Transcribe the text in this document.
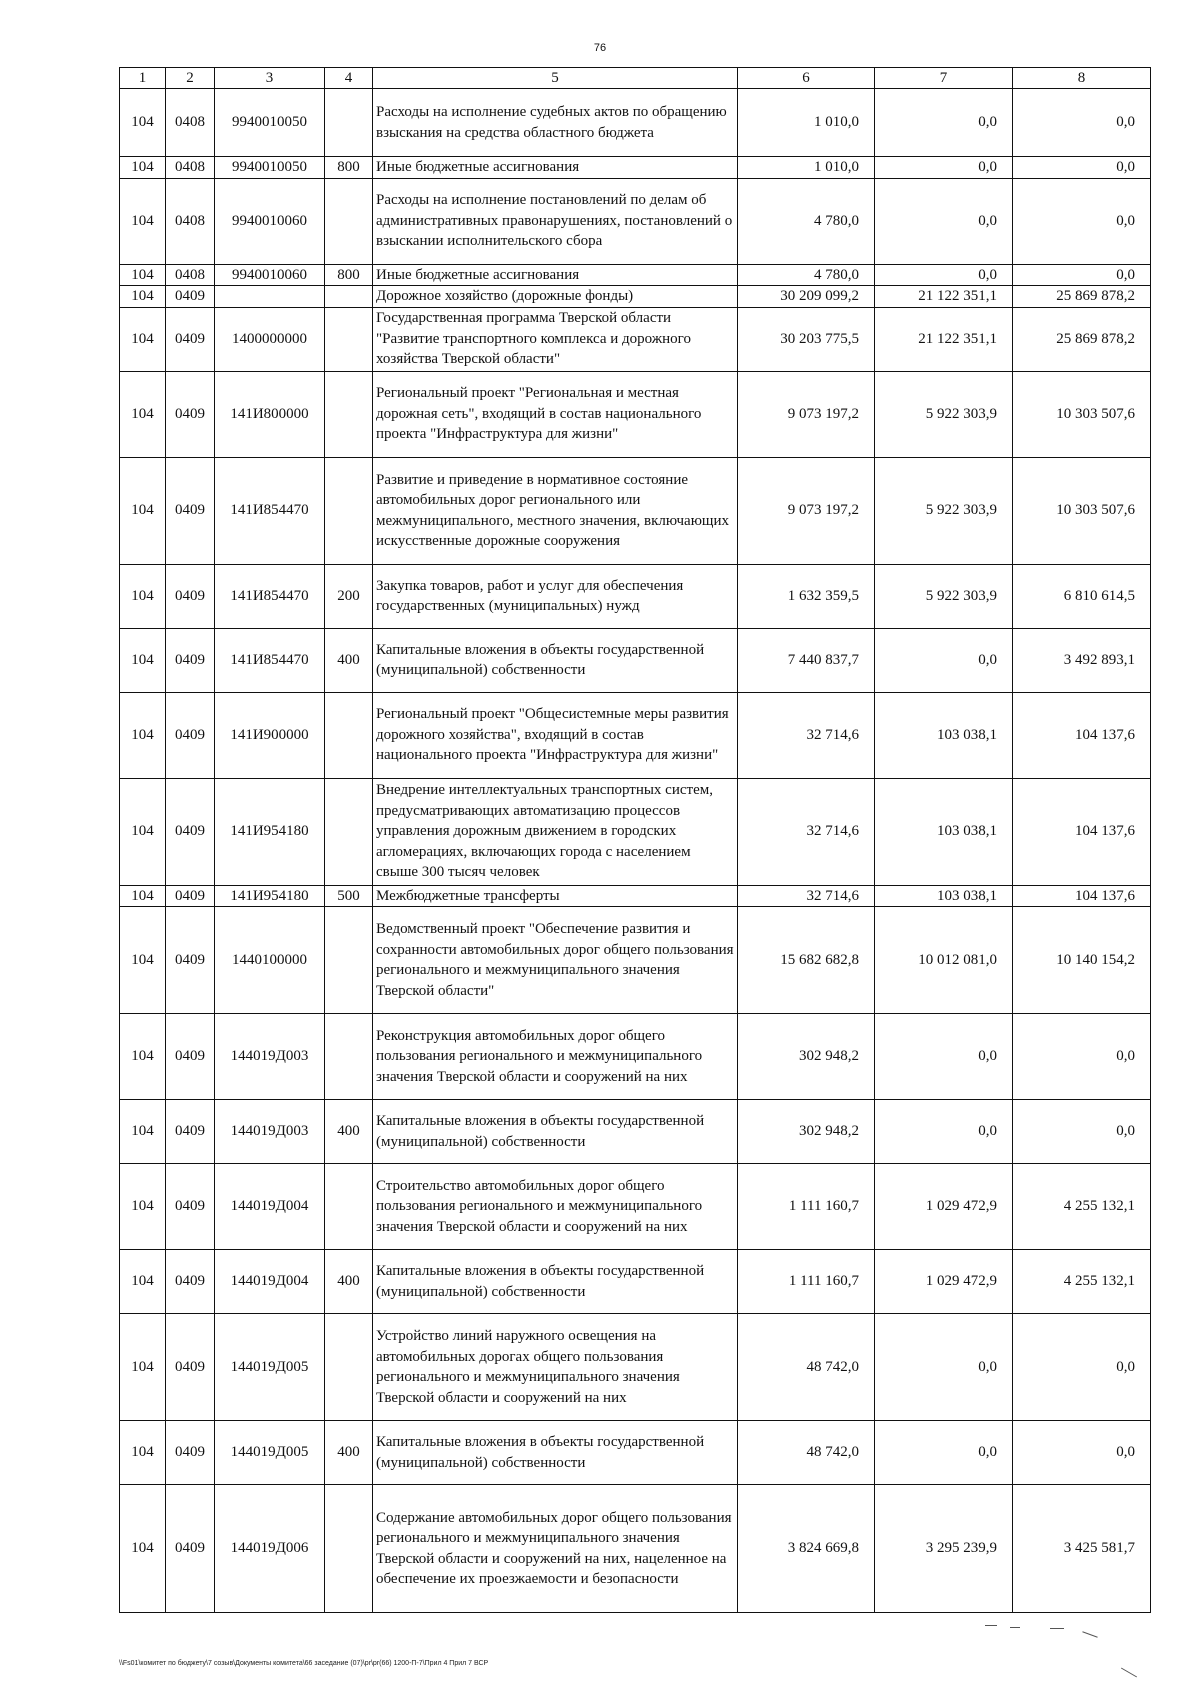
76
1	2	3	4	5	6	7	8
104	0408	9940010050		Расходы на исполнение судебных актов по обращению взыскания на средства областного бюджета	1 010,0	0,0	0,0
104	0408	9940010050	800	Иные бюджетные ассигнования	1 010,0	0,0	0,0
104	0408	9940010060		Расходы на исполнение постановлений по делам об административных правонарушениях, постановлений о взыскании исполнительского сбора	4 780,0	0,0	0,0
104	0408	9940010060	800	Иные бюджетные ассигнования	4 780,0	0,0	0,0
104	0409			Дорожное хозяйство (дорожные фонды)	30 209 099,2	21 122 351,1	25 869 878,2
104	0409	1400000000		Государственная программа Тверской области "Развитие транспортного комплекса и дорожного хозяйства Тверской области"	30 203 775,5	21 122 351,1	25 869 878,2
104	0409	141И800000		Региональный проект "Региональная и местная дорожная сеть", входящий в состав национального проекта "Инфраструктура для жизни"	9 073 197,2	5 922 303,9	10 303 507,6
104	0409	141И854470		Развитие и приведение в нормативное состояние автомобильных дорог регионального или межмуниципального, местного значения, включающих искусственные дорожные сооружения	9 073 197,2	5 922 303,9	10 303 507,6
104	0409	141И854470	200	Закупка товаров, работ и услуг для обеспечения государственных (муниципальных) нужд	1 632 359,5	5 922 303,9	6 810 614,5
104	0409	141И854470	400	Капитальные вложения в объекты государственной (муниципальной) собственности	7 440 837,7	0,0	3 492 893,1
104	0409	141И900000		Региональный проект "Общесистемные меры развития дорожного хозяйства", входящий в состав национального проекта "Инфраструктура для жизни"	32 714,6	103 038,1	104 137,6
104	0409	141И954180		Внедрение интеллектуальных транспортных систем, предусматривающих автоматизацию процессов управления дорожным движением в городских агломерациях, включающих города с населением свыше 300 тысяч человек	32 714,6	103 038,1	104 137,6
104	0409	141И954180	500	Межбюджетные трансферты	32 714,6	103 038,1	104 137,6
104	0409	1440100000		Ведомственный проект "Обеспечение развития и сохранности автомобильных дорог общего пользования регионального и межмуниципального значения Тверской области"	15 682 682,8	10 012 081,0	10 140 154,2
104	0409	144019Д003		Реконструкция автомобильных дорог общего пользования регионального и межмуниципального значения Тверской области и сооружений на них	302 948,2	0,0	0,0
104	0409	144019Д003	400	Капитальные вложения в объекты государственной (муниципальной) собственности	302 948,2	0,0	0,0
104	0409	144019Д004		Строительство автомобильных дорог общего пользования регионального и межмуниципального значения Тверской области и сооружений на них	1 111 160,7	1 029 472,9	4 255 132,1
104	0409	144019Д004	400	Капитальные вложения в объекты государственной (муниципальной) собственности	1 111 160,7	1 029 472,9	4 255 132,1
104	0409	144019Д005		Устройство линий наружного освещения на автомобильных дорогах общего пользования регионального и межмуниципального значения Тверской области и сооружений на них	48 742,0	0,0	0,0
104	0409	144019Д005	400	Капитальные вложения в объекты государственной (муниципальной) собственности	48 742,0	0,0	0,0
104	0409	144019Д006		Содержание автомобильных дорог общего пользования регионального и межмуниципального значения Тверской области и сооружений на них, нацеленное на обеспечение их проезжаемости и безопасности	3 824 669,8	3 295 239,9	3 425 581,7
\\Fs01\комитет по бюджету\7 созыв\Документы комитета\66 заседание (07)\pr\pr(66) 1200-П-7\Прил 4 Прил 7 ВСР
